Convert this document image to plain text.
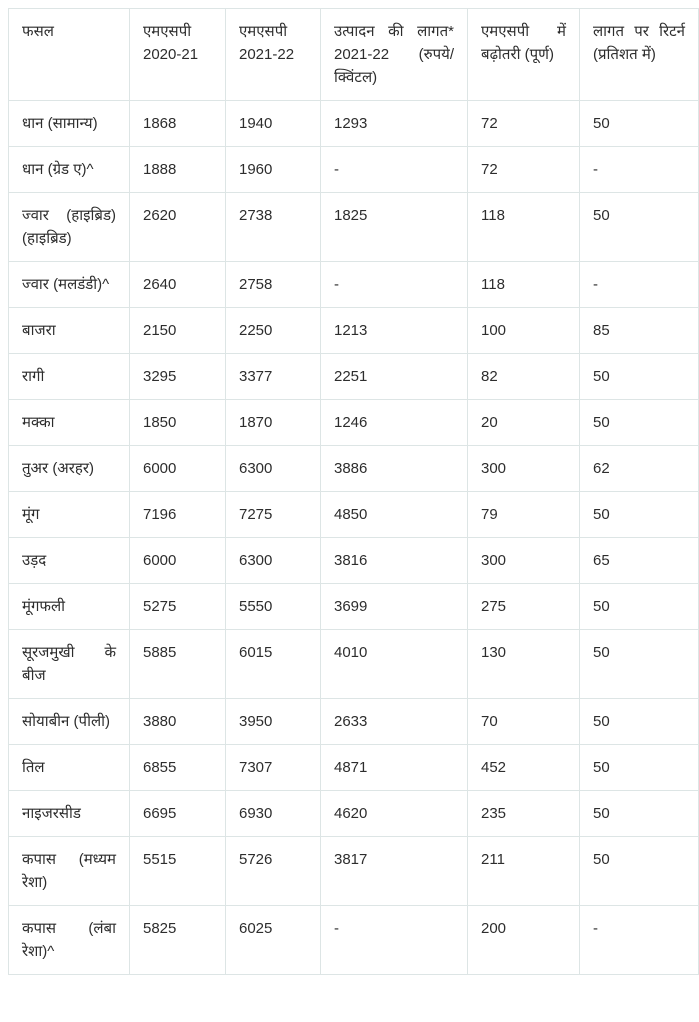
फसल	एमएसपी 2020-21	एमएसपी 2021-22	उत्पादन की लागत* 2021-22 (रुपये/क्विंटल)	एमएसपी में बढ़ोतरी (पूर्ण)	लागत पर रिटर्न (प्रतिशत में)
धान (सामान्य)	1868	1940	1293	72	50
धान (ग्रेड ए)^	1888	1960	-	72	-
ज्वार (हाइब्रिड) (हाइब्रिड)	2620	2738	1825	118	50
ज्वार (मलडंडी)^	2640	2758	-	118	-
बाजरा	2150	2250	1213	100	85
रागी	3295	3377	2251	82	50
मक्का	1850	1870	1246	20	50
तुअर (अरहर)	6000	6300	3886	300	62
मूंग	7196	7275	4850	79	50
उड़द	6000	6300	3816	300	65
मूंगफली	5275	5550	3699	275	50
सूरजमुखी के बीज	5885	6015	4010	130	50
सोयाबीन (पीली)	3880	3950	2633	70	50
तिल	6855	7307	4871	452	50
नाइजरसीड	6695	6930	4620	235	50
कपास (मध्यम रेशा)	5515	5726	3817	211	50
कपास (लंबा रेशा)^	5825	6025	-	200	-
